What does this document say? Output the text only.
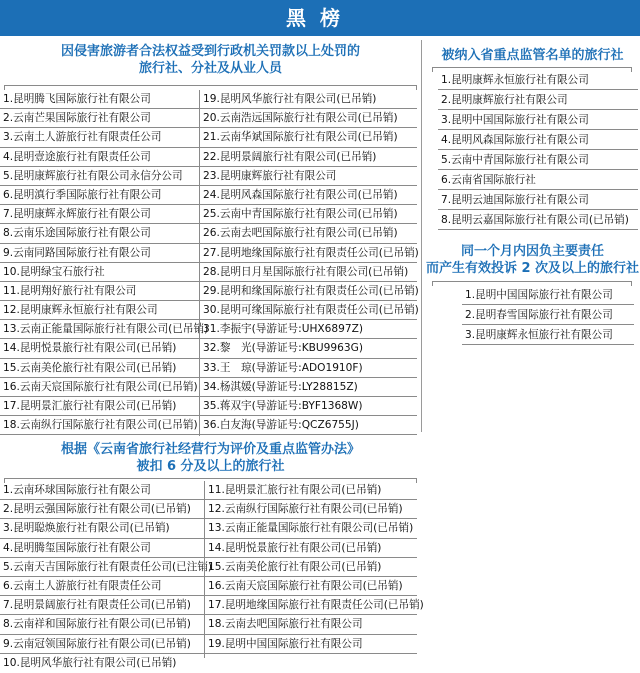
黑榜
因侵害旅游者合法权益受到行政机关罚款以上处罚的
旅行社、分社及从业人员
1.昆明腾飞国际旅行社有限公司
2.云南芒果国际旅行社有限公司
3.云南土人游旅行社有限责任公司
4.昆明壹途旅行社有限责任公司
5.昆明康辉旅行社有限公司永信分公司
6.昆明滇行季国际旅行社有限公司
7.昆明康辉永辉旅行社有限公司
8.云南乐途国际旅行社有限公司
9.云南同路国际旅行社有限公司
10.昆明绿宝石旅行社
11.昆明翔好旅行社有限公司
12.昆明康辉永恒旅行社有限公司
13.云南正能量国际旅行社有限公司(已吊销)
14.昆明悦景旅行社有限公司(已吊销)
15.云南美伦旅行社有限公司(已吊销)
16.云南天宸国际旅行社有限公司(已吊销)
17.昆明景汇旅行社有限公司(已吊销)
18.云南纵行国际旅行社有限公司(已吊销)
19.昆明风华旅行社有限公司(已吊销)
20.云南浩远国际旅行社有限公司(已吊销)
21.云南华斌国际旅行社有限公司(已吊销)
22.昆明景阔旅行社有限公司(已吊销)
23.昆明康辉旅行社有限公司
24.昆明风森国际旅行社有限公司(已吊销)
25.云南中青国际旅行社有限公司(已吊销)
26.云南去吧国际旅行社有限公司(已吊销)
27.昆明地缘国际旅行社有限责任公司(已吊销)
28.昆明日月星国际旅行社有限公司(已吊销)
29.昆明和缘国际旅行社有限责任公司(已吊销)
30.昆明可缘国际旅行社有限责任公司(已吊销)
31.李振宇(导游证号:UHX6897Z)
32.黎　光(导游证号:KBU9963G)
33.王　琼(导游证号:ADO1910F)
34.杨淇媛(导游证号:LY28815Z)
35.蒋双宇(导游证号:BYF1368W)
36.白友海(导游证号:QCZ6755J)
根据《云南省旅行社经营行为评价及重点监管办法》
被扣 6 分及以上的旅行社
1.云南环球国际旅行社有限公司
2.昆明云强国际旅行社有限公司(已吊销)
3.昆明聪焕旅行社有限公司(已吊销)
4.昆明腾玺国际旅行社有限公司
5.云南天吉国际旅行社有限责任公司(已注销)
6.云南土人游旅行社有限责任公司
7.昆明景阔旅行社有限责任公司(已吊销)
8.云南祥和国际旅行社有限公司(已吊销)
9.云南冠领国际旅行社有限公司(已吊销)
10.昆明风华旅行社有限公司(已吊销)
11.昆明景汇旅行社有限公司(已吊销)
12.云南纵行国际旅行社有限公司(已吊销)
13.云南正能量国际旅行社有限公司(已吊销)
14.昆明悦景旅行社有限公司(已吊销)
15.云南美伦旅行社有限公司(已吊销)
16.云南天宸国际旅行社有限公司(已吊销)
17.昆明地缘国际旅行社有限责任公司(已吊销)
18.云南去吧国际旅行社有限公司
19.昆明中国国际旅行社有限公司
被纳入省重点监管名单的旅行社
1.昆明康辉永恒旅行社有限公司
2.昆明康辉旅行社有限公司
3.昆明中国国际旅行社有限公司
4.昆明风森国际旅行社有限公司
5.云南中青国际旅行社有限公司
6.云南省国际旅行社
7.昆明云迪国际旅行社有限公司
8.昆明云嘉国际旅行社有限公司(已吊销)
同一个月内因负主要责任
而产生有效投诉 2 次及以上的旅行社
1.昆明中国国际旅行社有限公司
2.昆明春雪国际旅行社有限公司
3.昆明康辉永恒旅行社有限公司
